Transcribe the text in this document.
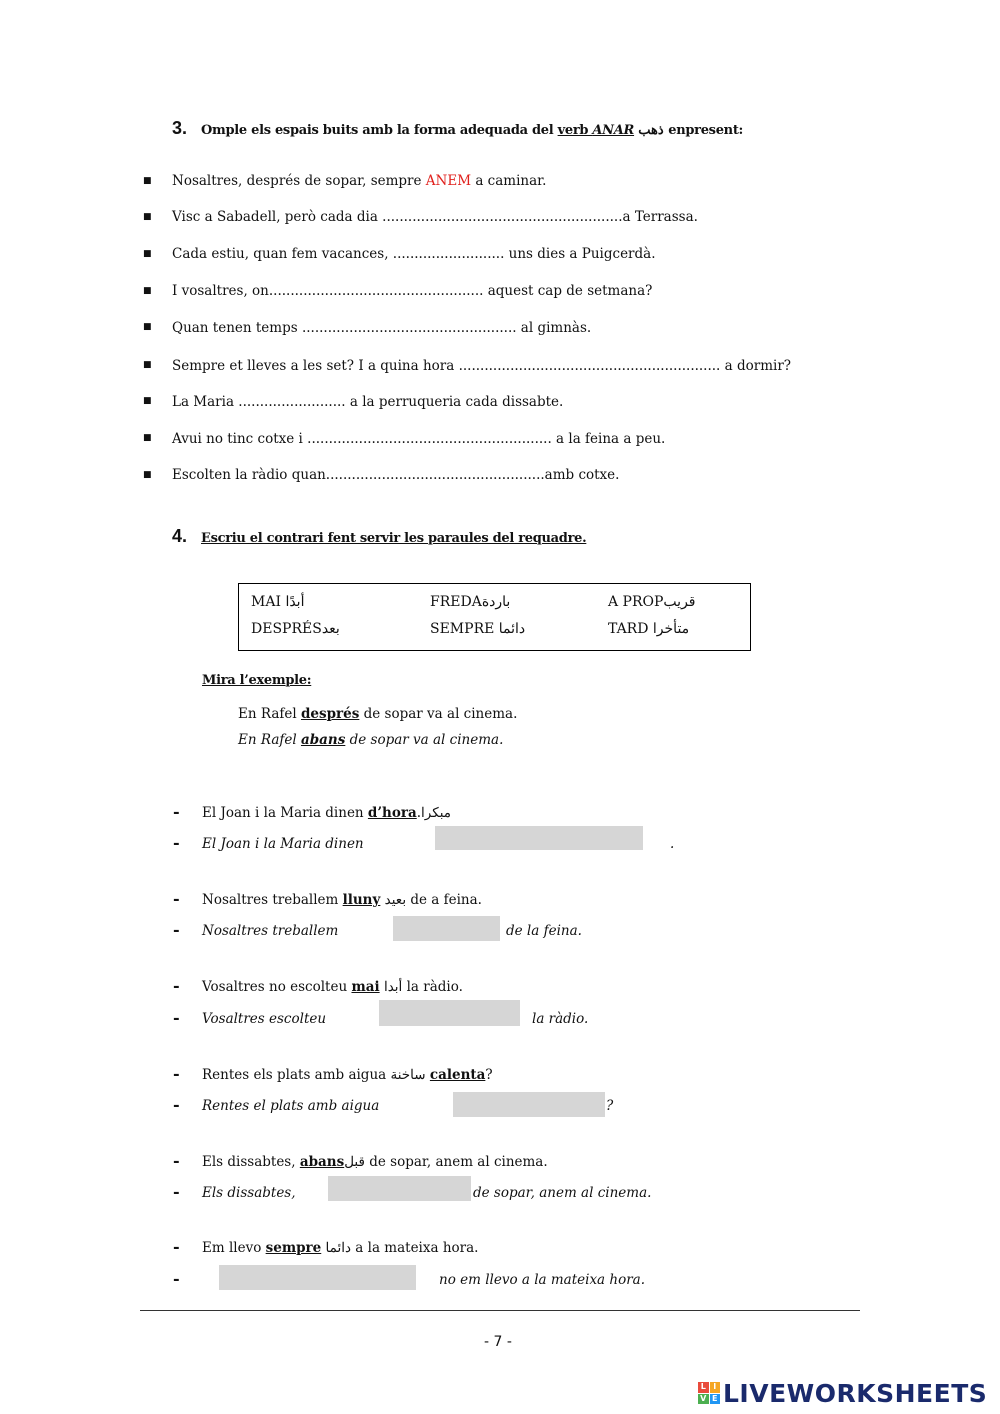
3. Omple els espais buits amb la forma adequada del verb ANAR ذهب enpresent:
■ Nosaltres, després de sopar, sempre ANEM a caminar.
■ Visc a Sabadell, però cada dia ........................................................a Terrassa.
■ Cada estiu, quan fem vacances, .......................... uns dies a Puigcerdà.
■ I vosaltres, on.................................................. aquest cap de setmana?
■ Quan tenen temps .................................................. al gimnàs.
■ Sempre et lleves a les set? I a quina hora ............................................................. a dormir?
■ La Maria ......................... a la perruqueria cada dissabte.
■ Avui no tinc cotxe i ......................................................... a la feina a peu.
■ Escolten la ràdio quan...................................................amb cotxe.
4. Escriu el contrari fent servir les paraules del requadre.
MAI أبدًا	FREDAباردة	A PROPقريب
DESPRÉSبعد	SEMPRE دائما	TARD متأخرا
Mira l’exemple:
En Rafel després de sopar va al cinema.
En Rafel abans de sopar va al cinema.
- El Joan i la Maria dinen d’hora.مبكرا
- El Joan i la Maria dinen	.
- Nosaltres treballem lluny بعيد de a feina.
- Nosaltres treballem	de la feina.
- Vosaltres no escolteu mai أبدا la ràdio.
- Vosaltres escolteu	la ràdio.
- Rentes els plats amb aigua ساخنة calenta?
- Rentes el plats amb aigua	?
- Els dissabtes, abansقبل de sopar, anem al cinema.
- Els dissabtes,	de sopar, anem al cinema.
- Em llevo sempre دائما a la mateixa hora.
-	no em llevo a la mateixa hora.
- 7 -
L I
V E LIVEWORKSHEETS
